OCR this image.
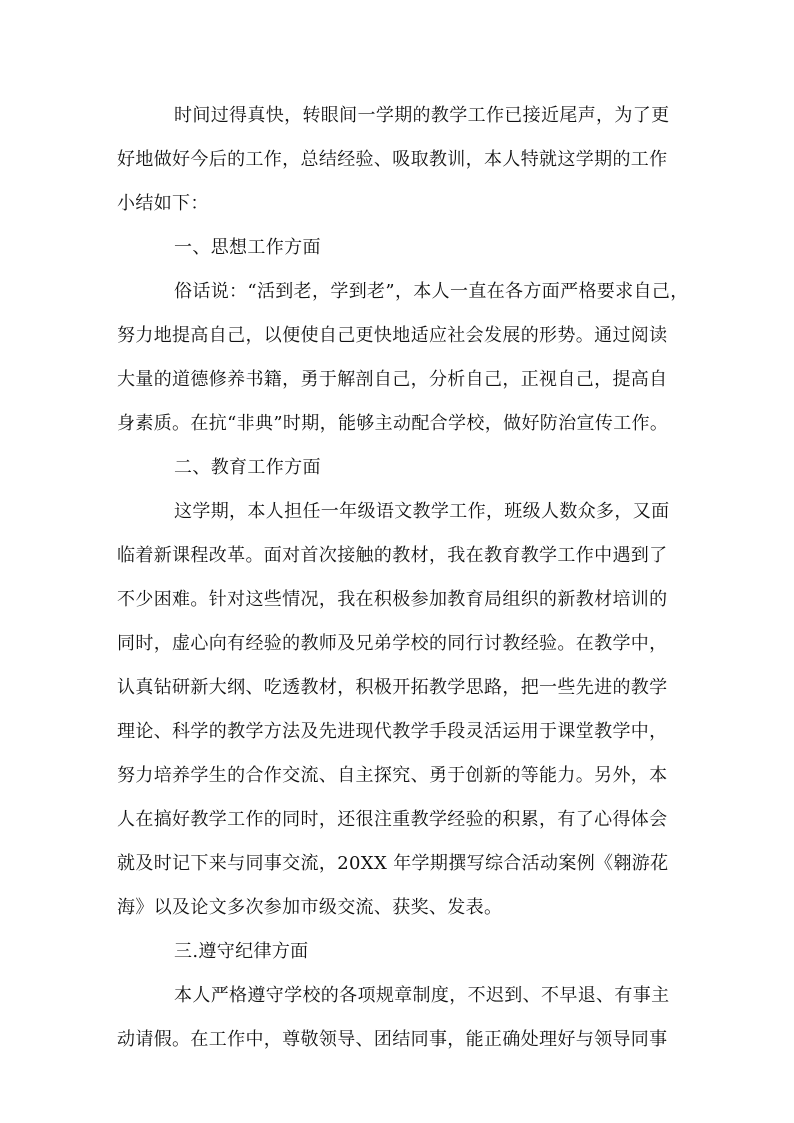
时间过得真快，转眼间一学期的教学工作已接近尾声，为了更
好地做好今后的工作，总结经验、吸取教训，本人特就这学期的工作
小结如下：
一、思想工作方面
俗话说：“活到老，学到老”，本人一直在各方面严格要求自己，
努力地提高自己，以便使自己更快地适应社会发展的形势。通过阅读
大量的道德修养书籍，勇于解剖自己，分析自己，正视自己，提高自
身素质。在抗“非典”时期，能够主动配合学校，做好防治宣传工作。
二、教育工作方面
这学期，本人担任一年级语文教学工作，班级人数众多，又面
临着新课程改革。面对首次接触的教材，我在教育教学工作中遇到了
不少困难。针对这些情况，我在积极参加教育局组织的新教材培训的
同时，虚心向有经验的教师及兄弟学校的同行讨教经验。在教学中，
认真钻研新大纲、吃透教材，积极开拓教学思路，把一些先进的教学
理论、科学的教学方法及先进现代教学手段灵活运用于课堂教学中，
努力培养学生的合作交流、自主探究、勇于创新的等能力。另外，本
人在搞好教学工作的同时，还很注重教学经验的积累，有了心得体会
就及时记下来与同事交流，20XX 年学期撰写综合活动案例《翱游花
海》以及论文多次参加市级交流、获奖、发表。
三.遵守纪律方面
本人严格遵守学校的各项规章制度，不迟到、不早退、有事主
动请假。在工作中，尊敬领导、团结同事，能正确处理好与领导同事
